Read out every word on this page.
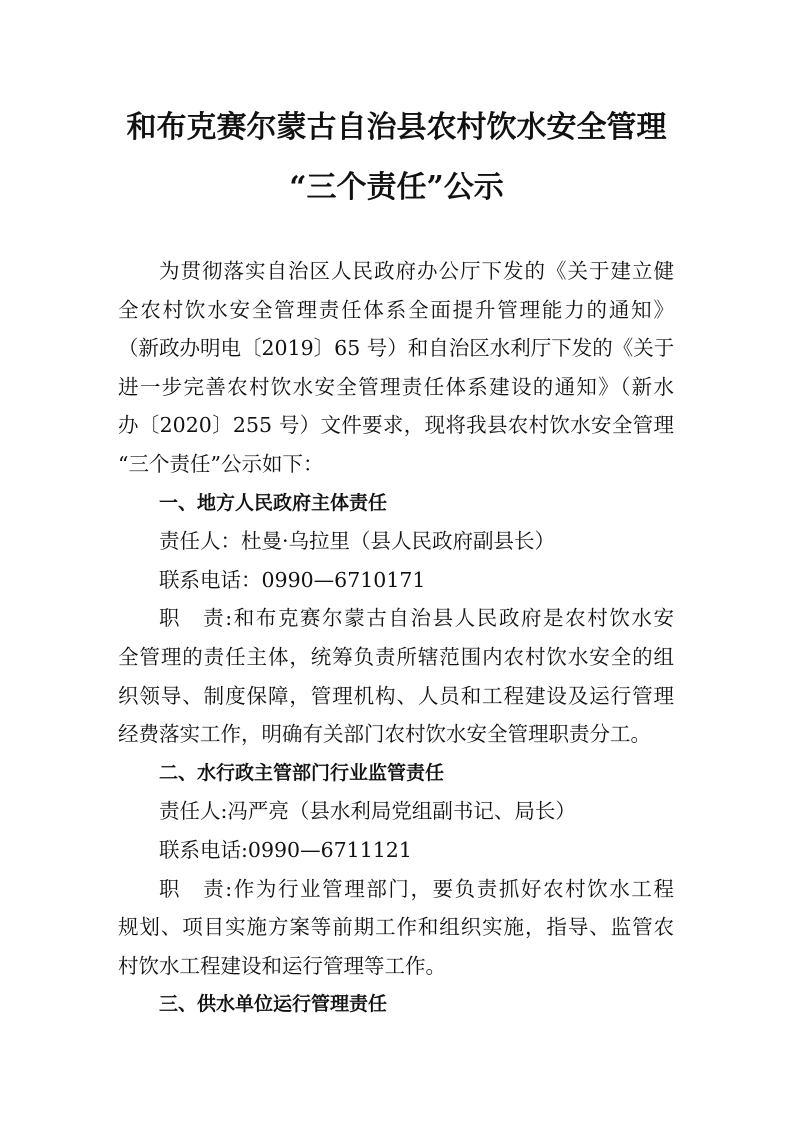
和布克赛尔蒙古自治县农村饮水安全管理
“三个责任”公示
为贯彻落实自治区人民政府办公厅下发的《关于建立健
全农村饮水安全管理责任体系全面提升管理能力的通知》
（新政办明电〔2019〕65 号）和自治区水利厅下发的《关于
进一步完善农村饮水安全管理责任体系建设的通知》（新水
办〔2020〕255 号）文件要求，现将我县农村饮水安全管理
“三个责任”公示如下：
一、地方人民政府主体责任
责任人：杜曼·乌拉里（县人民政府副县长）
联系电话：0990—6710171
职　责:和布克赛尔蒙古自治县人民政府是农村饮水安
全管理的责任主体，统筹负责所辖范围内农村饮水安全的组
织领导、制度保障，管理机构、人员和工程建设及运行管理
经费落实工作，明确有关部门农村饮水安全管理职责分工。
二、水行政主管部门行业监管责任
责任人:冯严亮（县水利局党组副书记、局长）
联系电话:0990—6711121
职　责:作为行业管理部门，要负责抓好农村饮水工程
规划、项目实施方案等前期工作和组织实施，指导、监管农
村饮水工程建设和运行管理等工作。
三、供水单位运行管理责任
